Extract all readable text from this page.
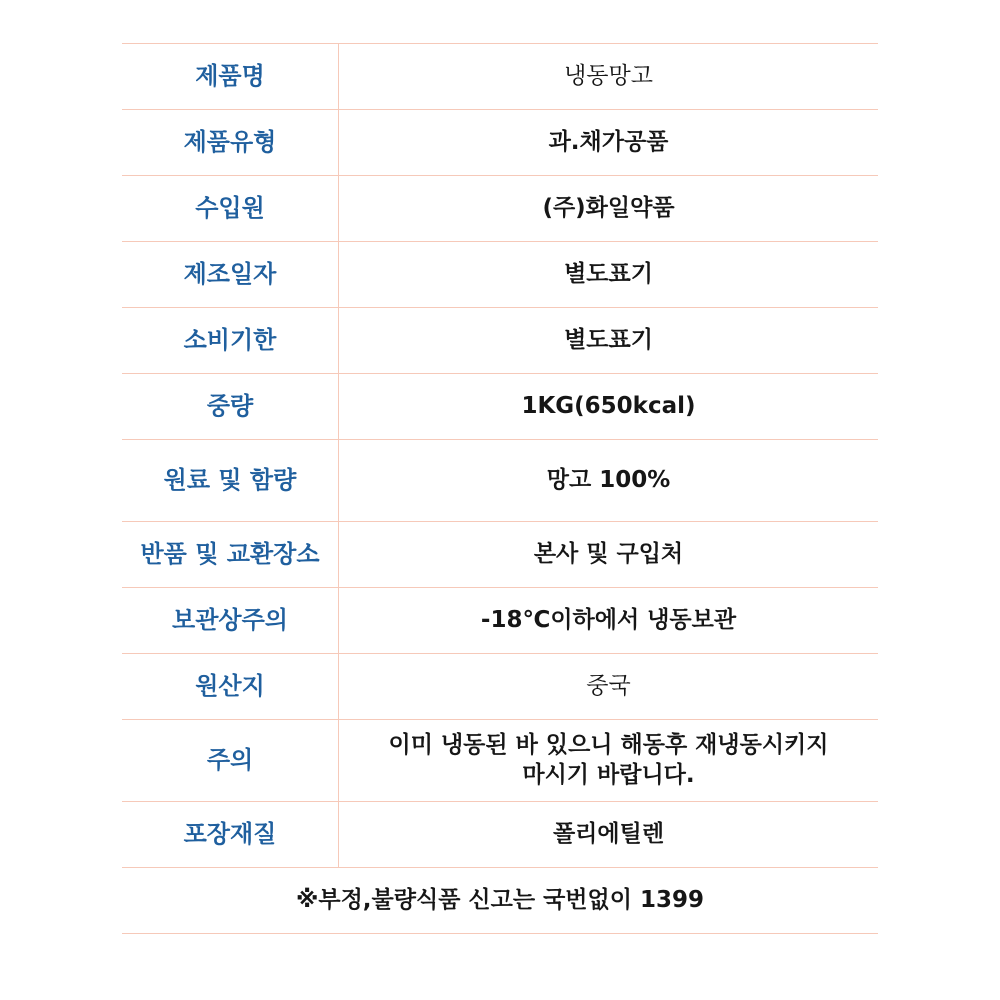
제품명	냉동망고
제품유형	과.채가공품
수입원	(주)화일약품
제조일자	별도표기
소비기한	별도표기
중량	1KG(650kcal)
원료 및 함량	망고 100%
반품 및 교환장소	본사 및 구입처
보관상주의	-18℃이하에서 냉동보관
원산지	중국
주의	이미 냉동된 바 있으니 해동후 재냉동시키지
마시기 바랍니다.

포장재질	폴리에틸렌
※부정,불량식품 신고는 국번없이 1399	
